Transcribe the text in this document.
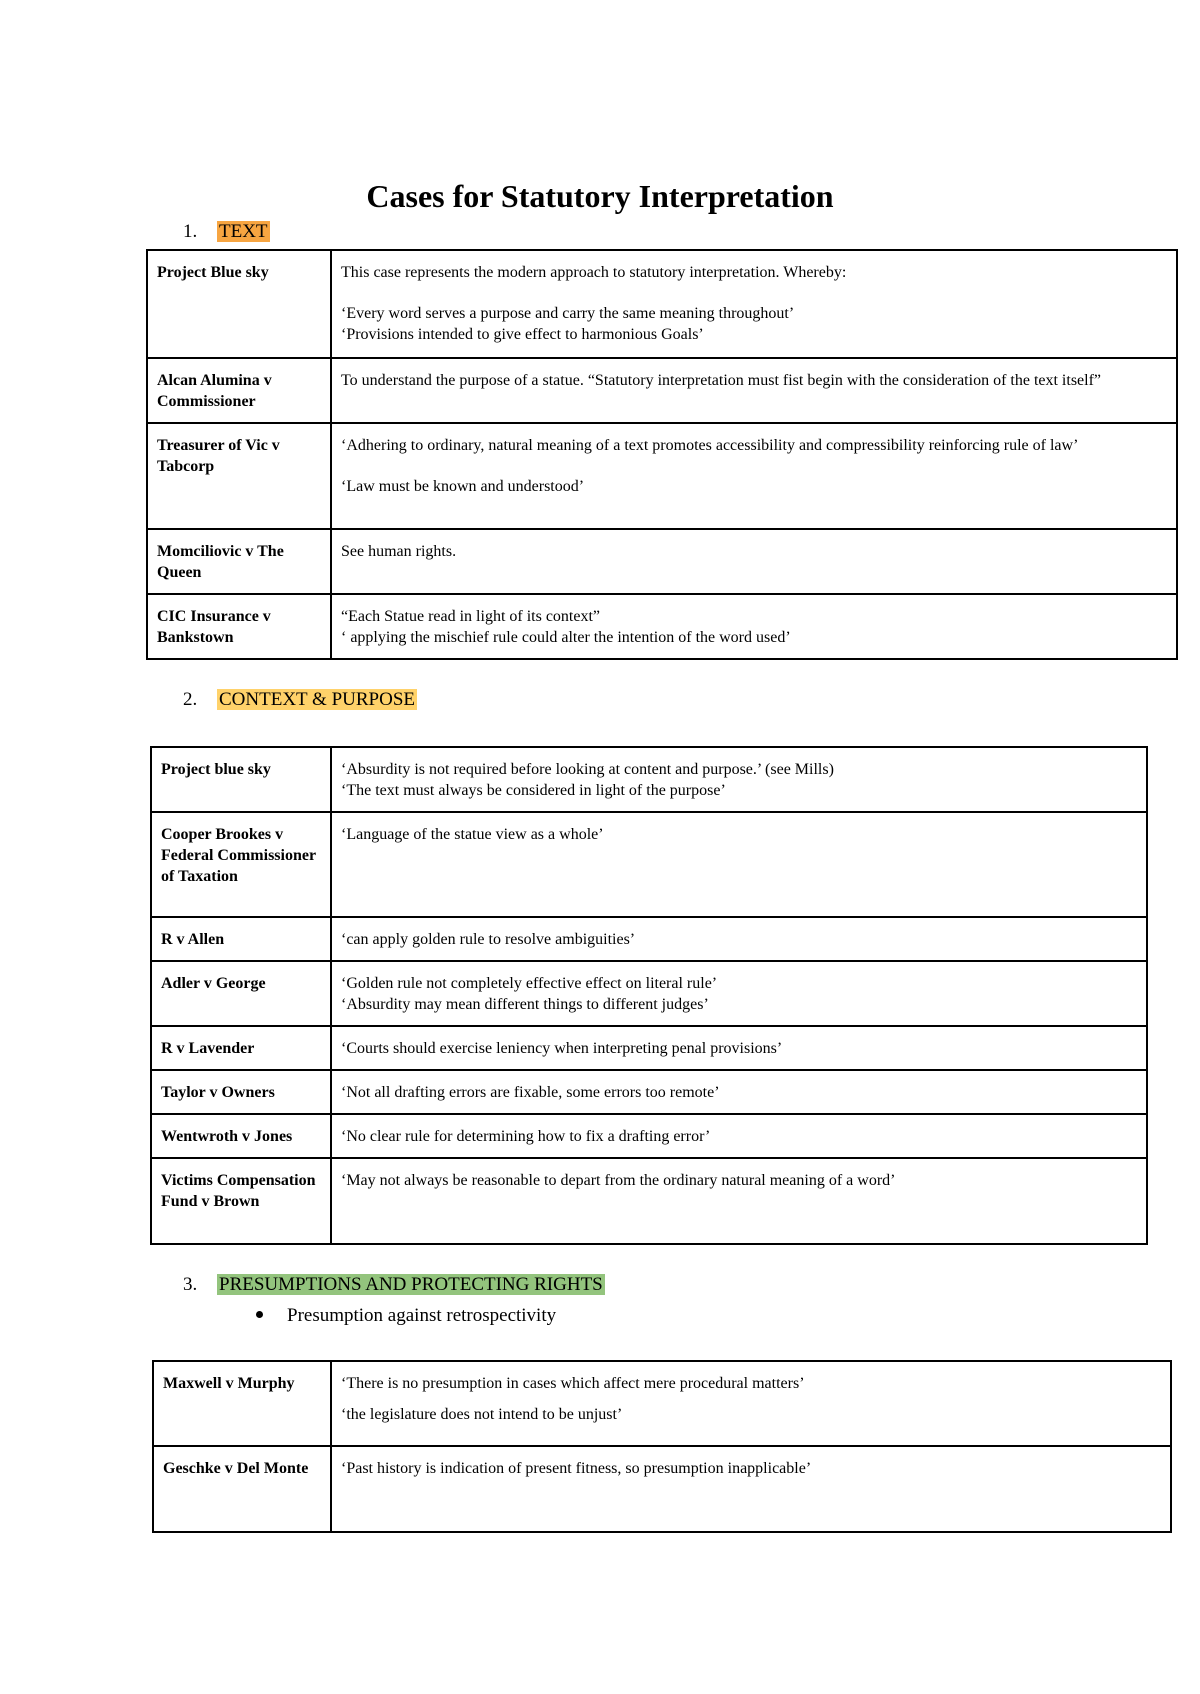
Cases for Statutory Interpretation
1. TEXT
Project Blue sky	This case represents the modern approach to statutory interpretation. Whereby:

‘Every word serves a purpose and carry the same meaning throughout’
‘Provisions intended to give effect to harmonious Goals’

Alcan Alumina v Commissioner	To understand the purpose of a statue. “Statutory interpretation must fist begin with the consideration of the text itself”

Treasurer of Vic v Tabcorp	‘Adhering to ordinary, natural meaning of a text promotes accessibility and compressibility reinforcing rule of law’

‘Law must be known and understood’

Momciliovic v The Queen	See human rights.

CIC Insurance v Bankstown	“Each Statue read in light of its context”
‘ applying the mischief rule could alter the intention of the word used’

2. CONTEXT & PURPOSE
Project blue sky	‘Absurdity is not required before looking at content and purpose.’ (see Mills)
‘The text must always be considered in light of the purpose’

Cooper Brookes v Federal Commissioner of Taxation	‘Language of the statue view as a whole’

R v Allen	‘can apply golden rule to resolve ambiguities’

Adler v George	‘Golden rule not completely effective effect on literal rule’
‘Absurdity may mean different things to different judges’

R v Lavender	‘Courts should exercise leniency when interpreting penal provisions’

Taylor v Owners	‘Not all drafting errors are fixable, some errors too remote’

Wentwroth v Jones	‘No clear rule for determining how to fix a drafting error’

Victims Compensation Fund v Brown	‘May not always be reasonable to depart from the ordinary natural meaning of a word’

3. PRESUMPTIONS AND PROTECTING RIGHTS
Presumption against retrospectivity
Maxwell v Murphy	‘There is no presumption in cases which affect mere procedural matters’
‘the legislature does not intend to be unjust’

Geschke v Del Monte	‘Past history is indication of present fitness, so presumption inapplicable’
